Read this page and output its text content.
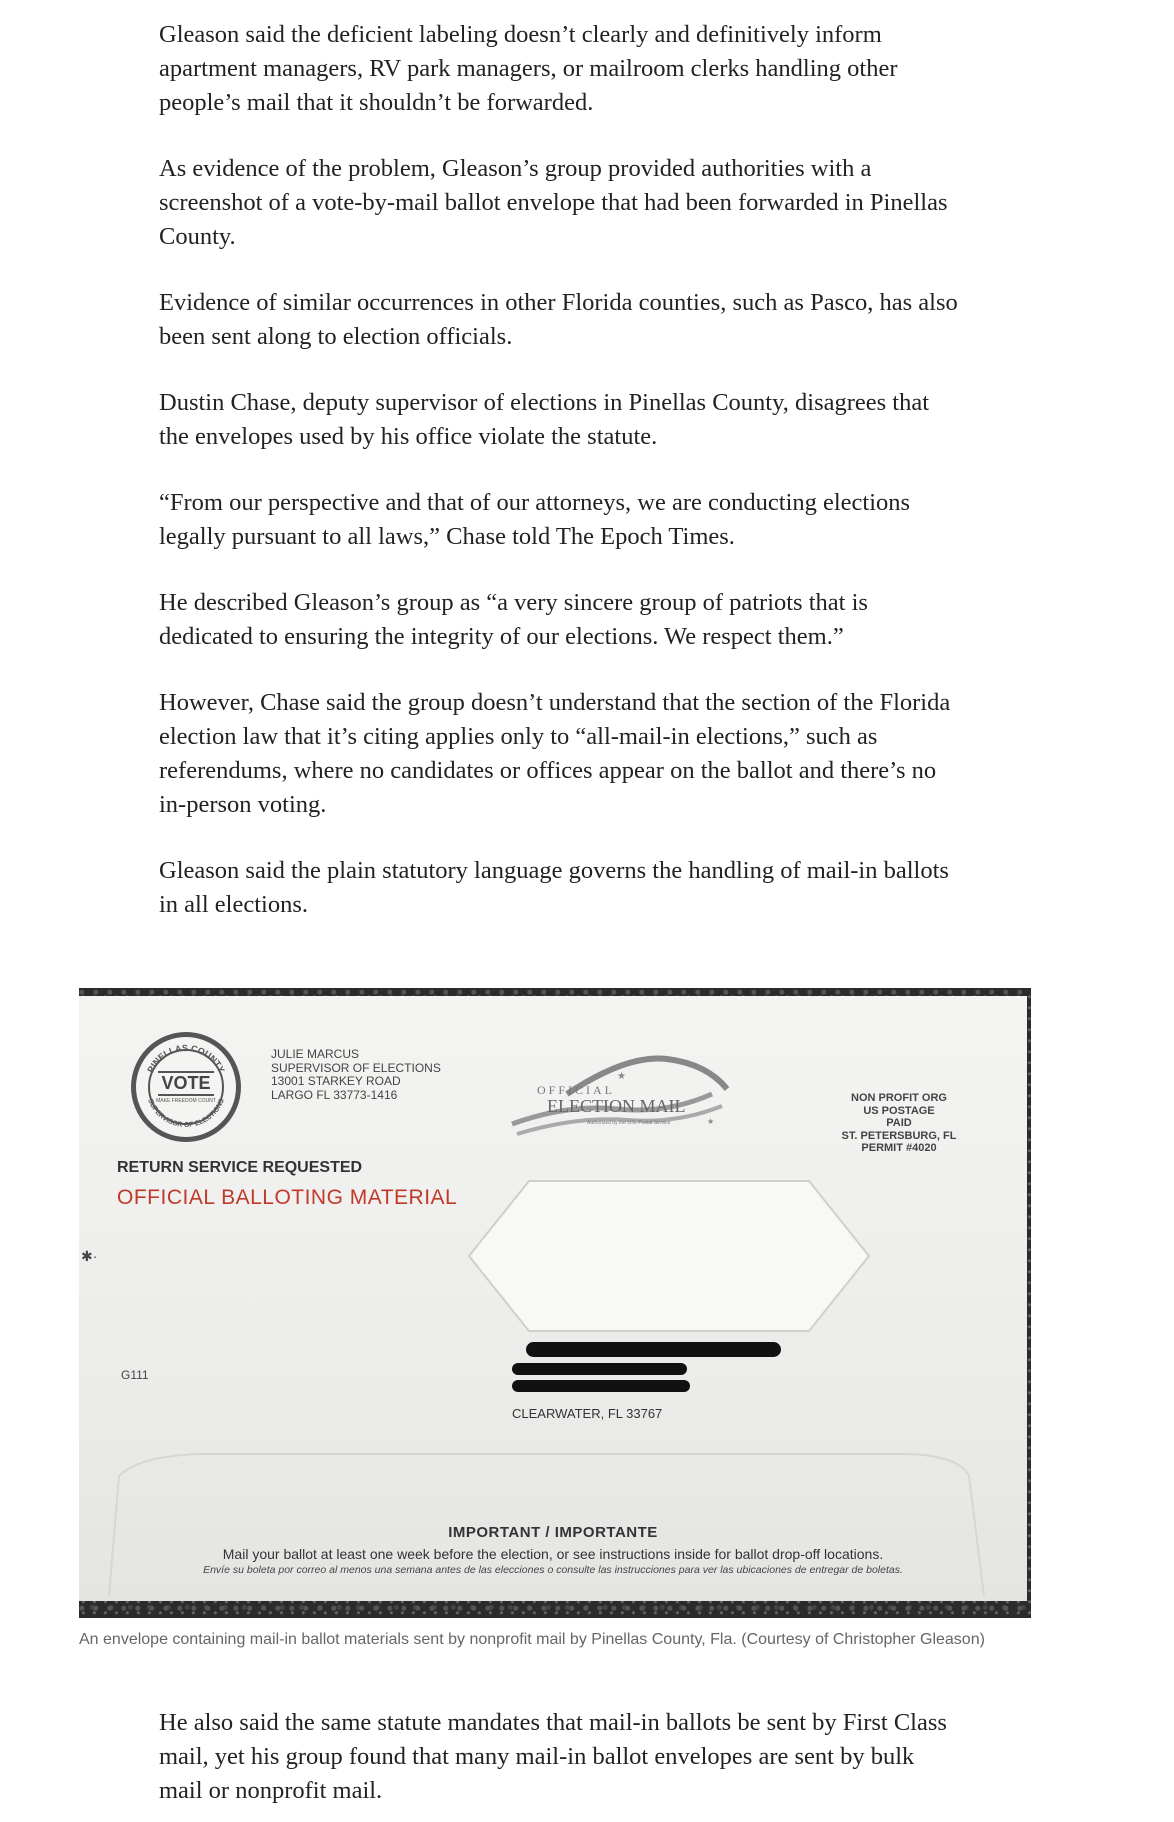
Gleason said the deficient labeling doesn’t clearly and definitively inform apartment managers, RV park managers, or mailroom clerks handling other people’s mail that it shouldn’t be forwarded.

As evidence of the problem, Gleason’s group provided authorities with a screenshot of a vote-by-mail ballot envelope that had been forwarded in Pinellas County.

Evidence of similar occurrences in other Florida counties, such as Pasco, has also been sent along to election officials.

Dustin Chase, deputy supervisor of elections in Pinellas County, disagrees that the envelopes used by his office violate the statute.

“From our perspective and that of our attorneys, we are conducting elections legally pursuant to all laws,” Chase told The Epoch Times.

He described Gleason’s group as “a very sincere group of patriots that is dedicated to ensuring the integrity of our elections. We respect them.”

However, Chase said the group doesn’t understand that the section of the Florida election law that it’s citing applies only to “all-mail-in elections,” such as referendums, where no candidates or offices appear on the ballot and there’s no in-person voting.

Gleason said the plain statutory language governs the handling of mail-in ballots in all elections.

PINELLAS COUNTY
SUPERVISOR OF ELECTIONS
VOTE
MAKE FREEDOM COUNT
JULIE MARCUS
SUPERVISOR OF ELECTIONS
13001 STARKEY ROAD
LARGO FL 33773-1416	OFFICIAL
ELECTION MAIL
Authorized by the U.S. Postal Service
★
★
NON PROFIT ORG
US POSTAGE
PAID
ST. PETERSBURG, FL
PERMIT #4020
RETURN SERVICE REQUESTED
OFFICIAL BALLOTING MATERIAL
✱·
G111
CLEARWATER, FL 33767
IMPORTANT / IMPORTANTE
Mail your ballot at least one week before the election, or see instructions inside for ballot drop-off locations.
Envíe su boleta por correo al menos una semana antes de las elecciones o consulte las instrucciones para ver las ubicaciones de entregar de boletas.
An envelope containing mail-in ballot materials sent by nonprofit mail by Pinellas County, Fla. (Courtesy of Christopher Gleason)

He also said the same statute mandates that mail-in ballots be sent by First Class mail, yet his group found that many mail-in ballot envelopes are sent by bulk mail or nonprofit mail.
